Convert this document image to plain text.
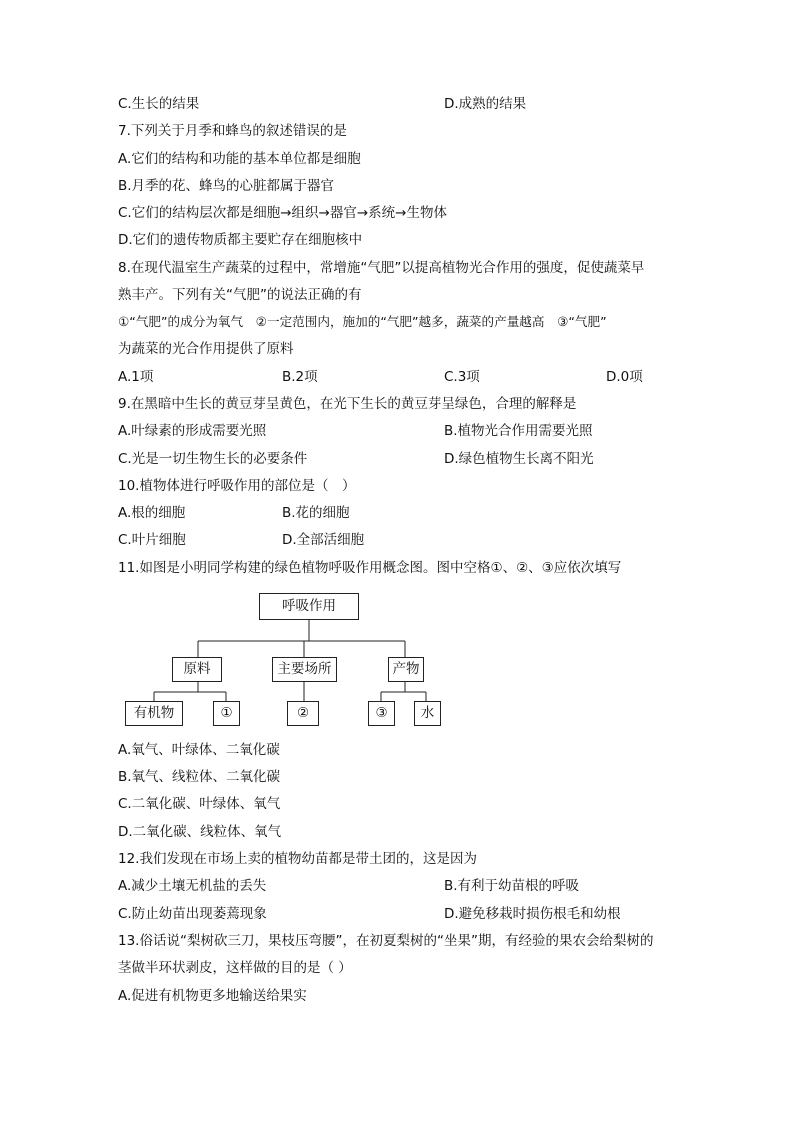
C.生长的结果	D.成熟的结果
7.下列关于月季和蜂鸟的叙述错误的是
A.它们的结构和功能的基本单位都是细胞
B.月季的花、蜂鸟的心脏都属于器官
C.它们的结构层次都是细胞→组织→器官→系统→生物体
D.它们的遗传物质都主要贮存在细胞核中
8.在现代温室生产蔬菜的过程中，常增施“气肥”以提高植物光合作用的强度，促使蔬菜早
熟丰产。下列有关“气肥”的说法正确的有
①“气肥”的成分为氧气　②一定范围内，施加的“气肥”越多，蔬菜的产量越高　③“气肥”
为蔬菜的光合作用提供了原料
A.1项	B.2项	C.3项	D.0项
9.在黑暗中生长的黄豆芽呈黄色，在光下生长的黄豆芽呈绿色，合理的解释是
A.叶绿素的形成需要光照	B.植物光合作用需要光照
C.光是一切生物生长的必要条件	D.绿色植物生长离不阳光
10.植物体进行呼吸作用的部位是（　）
A.根的细胞	B.花的细胞
C.叶片细胞	D.全部活细胞
11.如图是小明同学构建的绿色植物呼吸作用概念图。图中空格①、②、③应依次填写
呼吸作用
原料	主要场所	产物
有机物	①	②	③	水
A.氧气、叶绿体、二氧化碳
B.氧气、线粒体、二氧化碳
C.二氧化碳、叶绿体、氧气
D.二氧化碳、线粒体、氧气
12.我们发现在市场上卖的植物幼苗都是带土团的，这是因为
A.减少土壤无机盐的丢失	B.有利于幼苗根的呼吸
C.防止幼苗出现萎蔫现象	D.避免移栽时损伤根毛和幼根
13.俗话说“梨树砍三刀，果枝压弯腰”，在初夏梨树的“坐果”期，有经验的果农会给梨树的
茎做半环状剥皮，这样做的目的是（ ）
A.促进有机物更多地输送给果实
